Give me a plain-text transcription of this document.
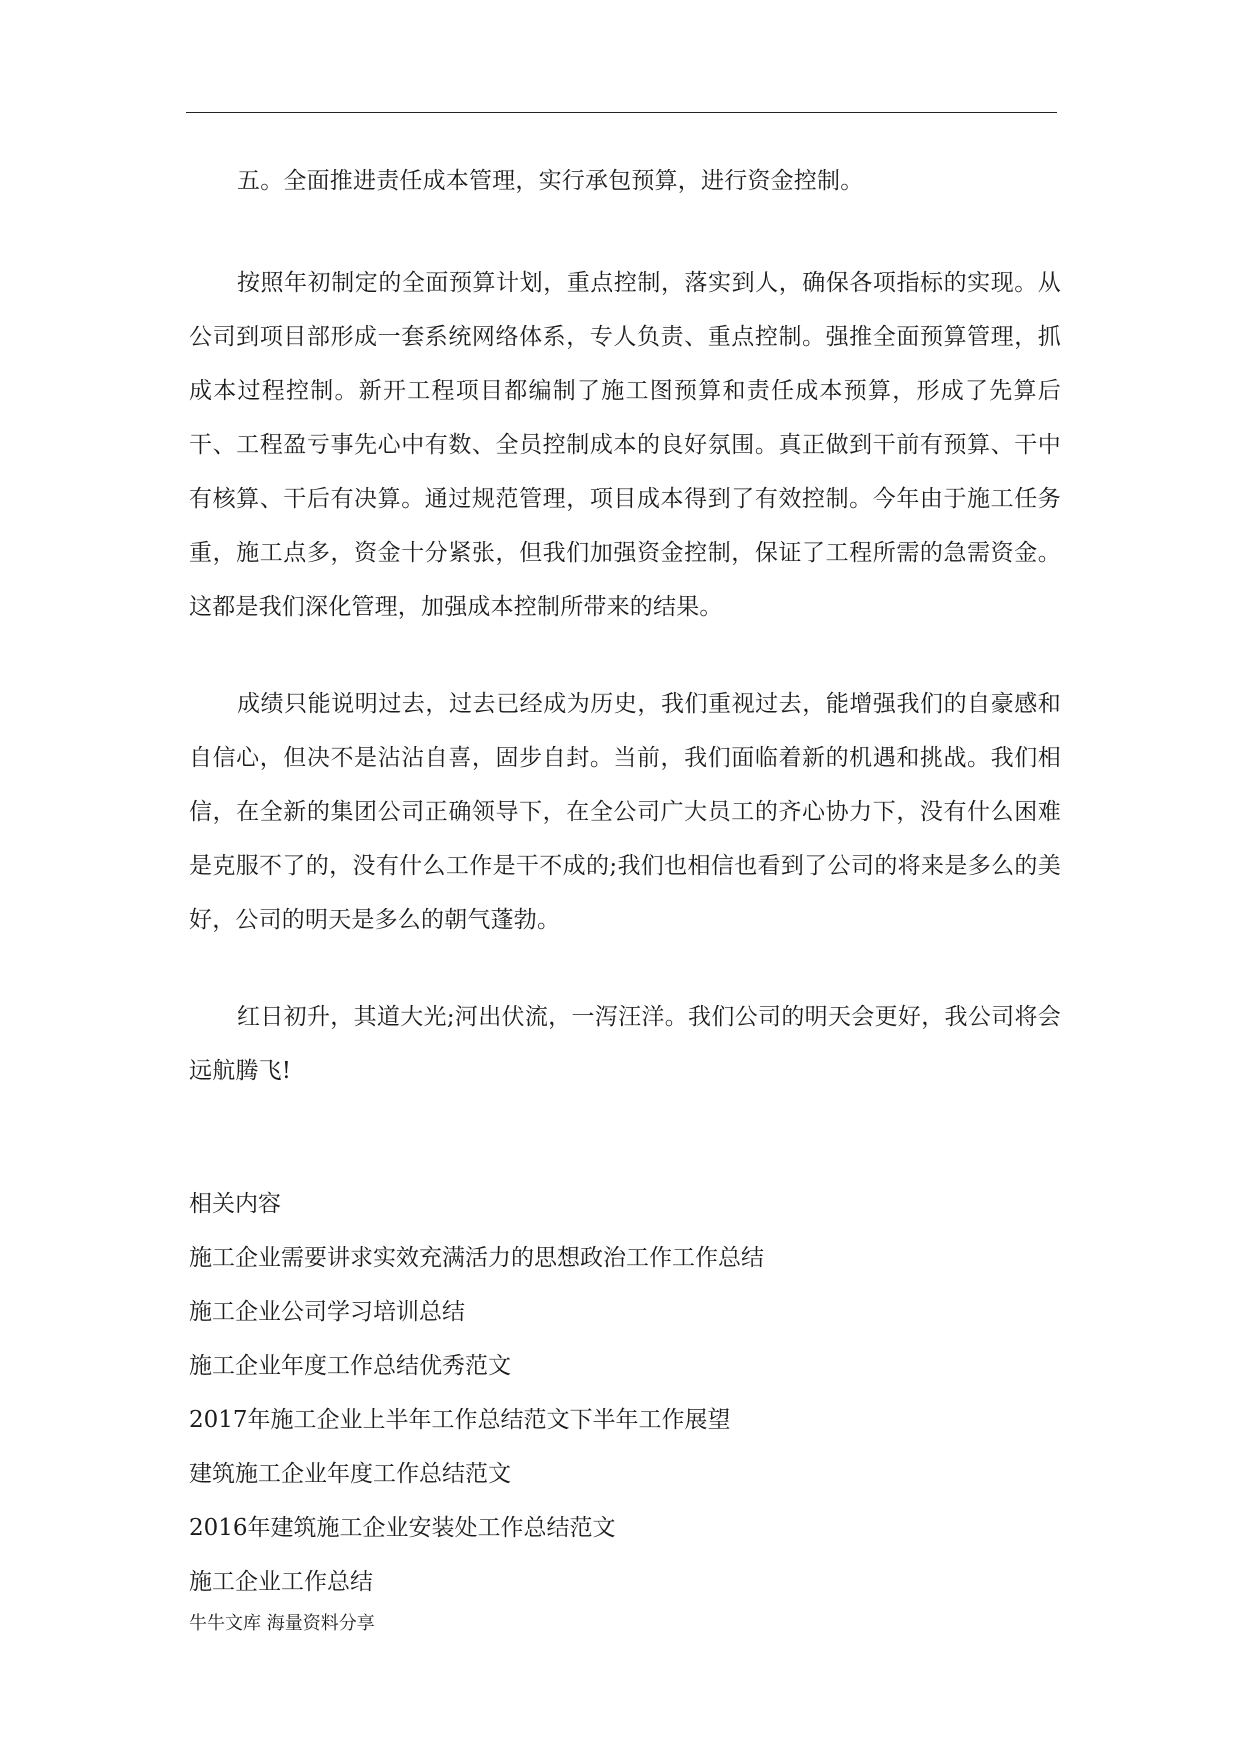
五。全面推进责任成本管理，实行承包预算，进行资金控制。

按照年初制定的全面预算计划，重点控制，落实到人，确保各项指标的实现。从公司到项目部形成一套系统网络体系，专人负责、重点控制。强推全面预算管理，抓成本过程控制。新开工程项目都编制了施工图预算和责任成本预算，形成了先算后干、工程盈亏事先心中有数、全员控制成本的良好氛围。真正做到干前有预算、干中有核算、干后有决算。通过规范管理，项目成本得到了有效控制。今年由于施工任务重，施工点多，资金十分紧张，但我们加强资金控制，保证了工程所需的急需资金。这都是我们深化管理，加强成本控制所带来的结果。

成绩只能说明过去，过去已经成为历史，我们重视过去，能增强我们的自豪感和自信心，但决不是沾沾自喜，固步自封。当前，我们面临着新的机遇和挑战。我们相信，在全新的集团公司正确领导下，在全公司广大员工的齐心协力下，没有什么困难是克服不了的，没有什么工作是干不成的;我们也相信也看到了公司的将来是多么的美好，公司的明天是多么的朝气蓬勃。

红日初升，其道大光;河出伏流，一泻汪洋。我们公司的明天会更好，我公司将会远航腾飞!

相关内容

施工企业需要讲求实效充满活力的思想政治工作工作总结

施工企业公司学习培训总结

施工企业年度工作总结优秀范文

2017年施工企业上半年工作总结范文下半年工作展望

建筑施工企业年度工作总结范文

2016年建筑施工企业安装处工作总结范文

施工企业工作总结

牛牛文库 海量资料分享
